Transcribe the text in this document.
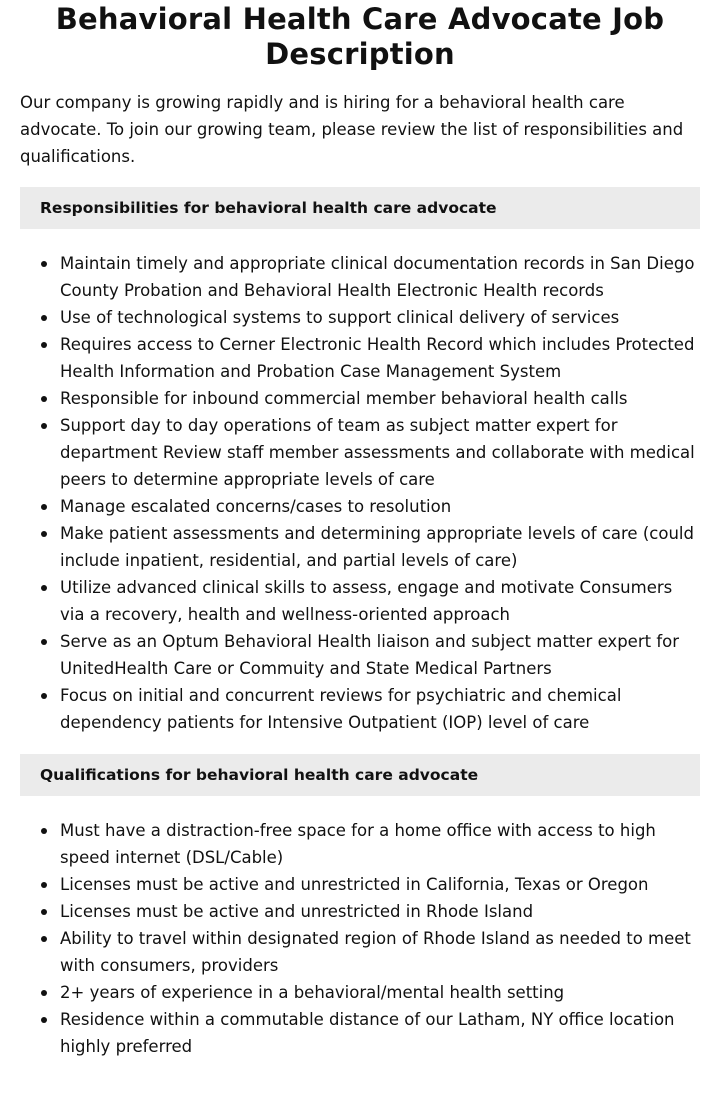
Behavioral Health Care Advocate Job Description

Our company is growing rapidly and is hiring for a behavioral health care advocate. To join our growing team, please review the list of responsibilities and qualifications.

Responsibilities for behavioral health care advocate
Maintain timely and appropriate clinical documentation records in San Diego County Probation and Behavioral Health Electronic Health records
Use of technological systems to support clinical delivery of services
Requires access to Cerner Electronic Health Record which includes Protected Health Information and Probation Case Management System
Responsible for inbound commercial member behavioral health calls
Support day to day operations of team as subject matter expert for department Review staff member assessments and collaborate with medical peers to determine appropriate levels of care
Manage escalated concerns/cases to resolution
Make patient assessments and determining appropriate levels of care (could include inpatient, residential, and partial levels of care)
Utilize advanced clinical skills to assess, engage and motivate Consumers via a recovery, health and wellness-oriented approach
Serve as an Optum Behavioral Health liaison and subject matter expert for UnitedHealth Care or Commuity and State Medical Partners
Focus on initial and concurrent reviews for psychiatric and chemical dependency patients for Intensive Outpatient (IOP) level of care
Qualifications for behavioral health care advocate
Must have a distraction-free space for a home office with access to high speed internet (DSL/Cable)
Licenses must be active and unrestricted in California, Texas or Oregon
Licenses must be active and unrestricted in Rhode Island
Ability to travel within designated region of Rhode Island as needed to meet with consumers, providers
2+ years of experience in a behavioral/mental health setting
Residence within a commutable distance of our Latham, NY office location highly preferred
